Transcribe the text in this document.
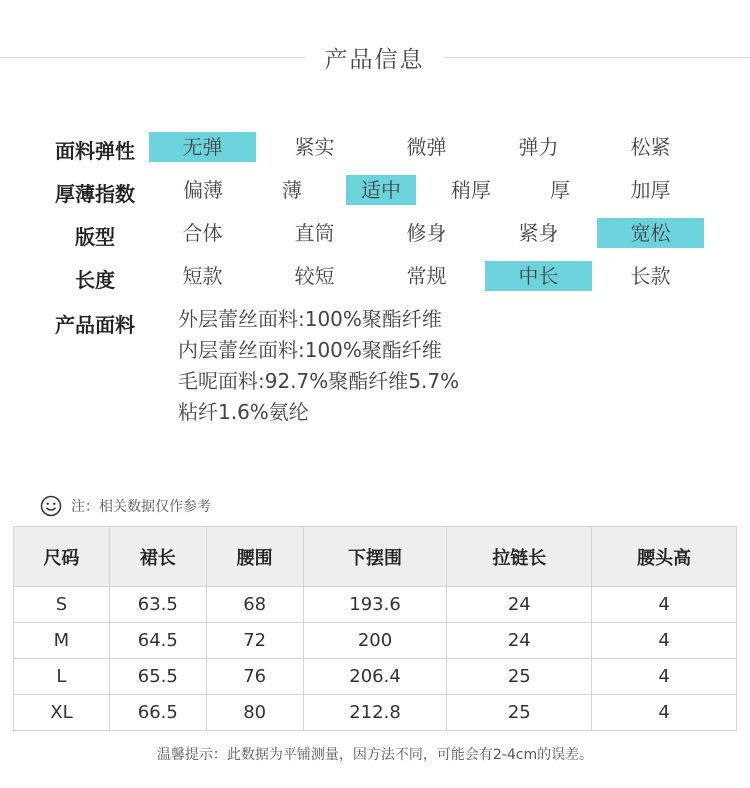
产品信息
面料弹性	无弹	紧实	微弹	弹力	松紧
厚薄指数	偏薄	薄	适中	稍厚	厚	加厚
版型	合体	直筒	修身	紧身	宽松
长度	短款	较短	常规	中长	长款
产品面料	外层蕾丝面料:100%聚酯纤维
内层蕾丝面料:100%聚酯纤维
毛呢面料:92.7%聚酯纤维5.7%
粘纤1.6%氨纶
注：相关数据仅作参考
尺码	裙长	腰围	下摆围	拉链长	腰头高
S	63.5	68	193.6	24	4
M	64.5	72	200	24	4
L	65.5	76	206.4	25	4
XL	66.5	80	212.8	25	4
温馨提示：此数据为平铺测量，因方法不同，可能会有2-4cm的误差。
